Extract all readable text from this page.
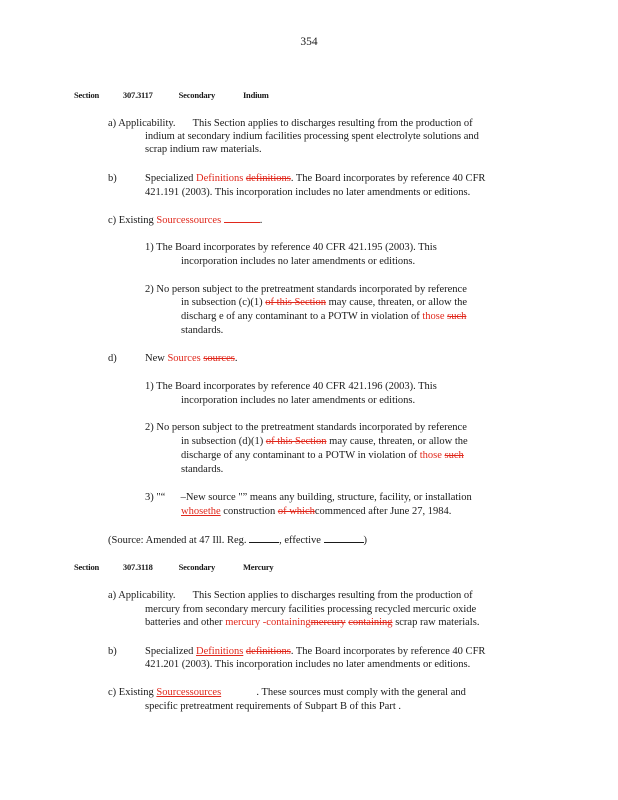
354
Section	307.3117	Secondary	Indium
a) Applicability. This Section applies to discharges resulting from the production of
indium at secondary indium facilities processing spent electrolyte solutions and
scrap indium raw materials.
b)	Specialized Definitions definitions. The Board incorporates by reference 40 CFR
421.191 (2003). This incorporation includes no later amendments or editions.
c) Existing Sourcessources	.
1) The Board incorporates by reference 40 CFR 421.195 (2003). This
incorporation includes no later amendments or editions.
2) No person subject to the pretreatment standards incorporated by reference
in subsection (c)(1) of this Section may cause, threaten, or allow the
discharg e of any contaminant to a POTW in violation of those such
standards.
d)	New Sources sources.
1) The Board incorporates by reference 40 CFR 421.196 (2003). This
incorporation includes no later amendments or editions.
2) No person subject to the pretreatment standards incorporated by reference
in subsection (d)(1) of this Section may cause, threaten, or allow the
discharge of any contaminant to a POTW in violation of those such
standards.
3) "“ –New source "” means any building, structure, facility, or installation
whosethe construction of whichcommenced after June 27, 1984.
(Source: Amended at 47 Ill. Reg.	, effective	)
Section	307.3118	Secondary	Mercury
a) Applicability. This Section applies to discharges resulting from the production of
mercury from secondary mercury facilities processing recycled mercuric oxide
batteries and other mercury -containingmercury containing scrap raw materials.
b)	Specialized Definitions definitions. The Board incorporates by reference 40 CFR
421.201 (2003). This incorporation includes no later amendments or editions.
c) Existing Sourcessources	. These sources must comply with the general and
specific pretreatment requirements of Subpart B of this Part .
